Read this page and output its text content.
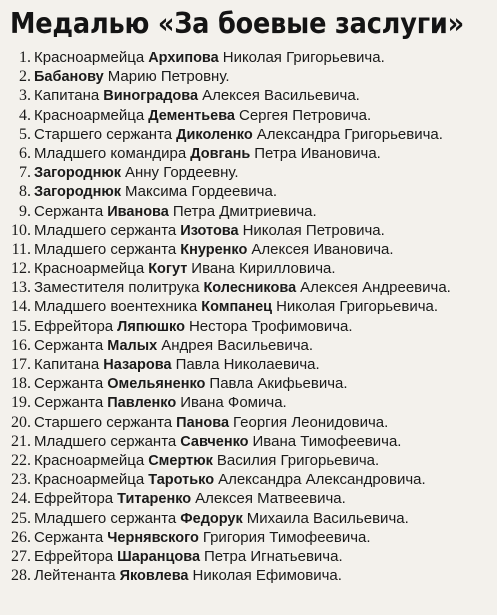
Медалью «За боевые заслуги»
1. Красноармейца Архипова Николая Григорьевича.
2. Бабанову Марию Петровну.
3. Капитана Виноградова Алексея Васильевича.
4. Красноармейца Дементьева Сергея Петровича.
5. Старшего сержанта Диколенко Александра Григорьевича.
6. Младшего командира Довгань Петра Ивановича.
7. Загороднюк Анну Гордеевну.
8. Загороднюк Максима Гордеевича.
9. Сержанта Иванова Петра Дмитриевича.
10. Младшего сержанта Изотова Николая Петровича.
11. Младшего сержанта Кнуренко Алексея Ивановича.
12. Красноармейца Когут Ивана Кирилловича.
13. Заместителя политрука Колесникова Алексея Андреевича.
14. Младшего воентехника Компанец Николая Григорьевича.
15. Ефрейтора Ляпюшко Нестора Трофимовича.
16. Сержанта Малых Андрея Васильевича.
17. Капитана Назарова Павла Николаевича.
18. Сержанта Омельяненко Павла Акифьевича.
19. Сержанта Павленко Ивана Фомича.
20. Старшего сержанта Панова Георгия Леонидовича.
21. Младшего сержанта Савченко Ивана Тимофеевича.
22. Красноармейца Смертюк Василия Григорьевича.
23. Красноармейца Таротько Александра Александровича.
24. Ефрейтора Титаренко Алексея Матвеевича.
25. Младшего сержанта Федорук Михаила Васильевича.
26. Сержанта Чернявского Григория Тимофеевича.
27. Ефрейтора Шаранцова Петра Игнатьевича.
28. Лейтенанта Яковлева Николая Ефимовича.
